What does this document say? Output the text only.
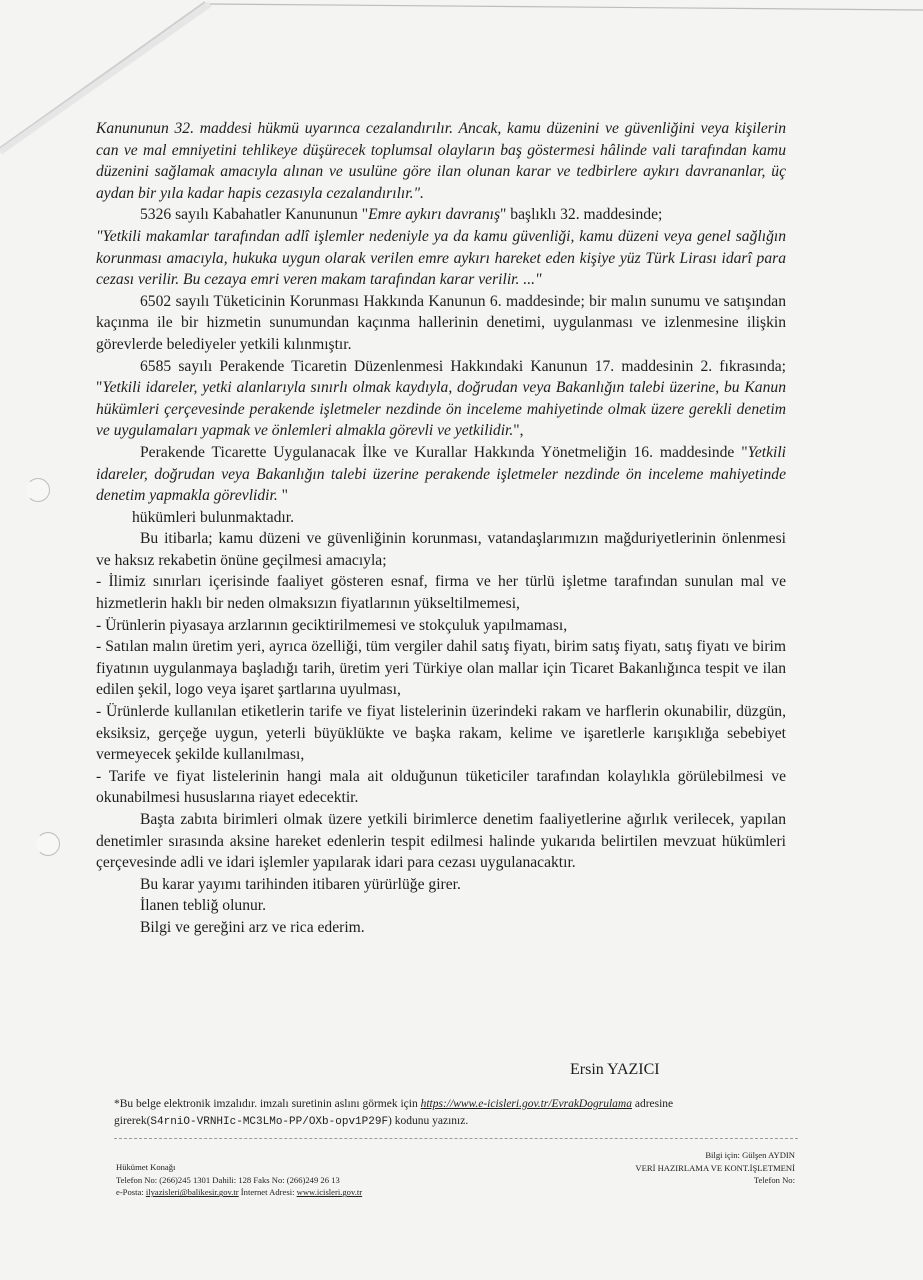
Kanununun 32. maddesi hükmü uyarınca cezalandırılır. Ancak, kamu düzenini ve güvenliğini veya kişilerin can ve mal emniyetini tehlikeye düşürecek toplumsal olayların baş göstermesi hâlinde vali tarafından kamu düzenini sağlamak amacıyla alınan ve usulüne göre ilan olunan karar ve tedbirlere aykırı davrananlar, üç aydan bir yıla kadar hapis cezasıyla cezalandırılır.".

5326 sayılı Kabahatler Kanununun "Emre aykırı davranış" başlıklı 32. maddesinde;

"Yetkili makamlar tarafından adlî işlemler nedeniyle ya da kamu güvenliği, kamu düzeni veya genel sağlığın korunması amacıyla, hukuka uygun olarak verilen emre aykırı hareket eden kişiye yüz Türk Lirası idarî para cezası verilir. Bu cezaya emri veren makam tarafından karar verilir. ..."

6502 sayılı Tüketicinin Korunması Hakkında Kanunun 6. maddesinde; bir malın sunumu ve satışından kaçınma ile bir hizmetin sunumundan kaçınma hallerinin denetimi, uygulanması ve izlenmesine ilişkin görevlerde belediyeler yetkili kılınmıştır.

6585 sayılı Perakende Ticaretin Düzenlenmesi Hakkındaki Kanunun 17. maddesinin 2. fıkrasında; "Yetkili idareler, yetki alanlarıyla sınırlı olmak kaydıyla, doğrudan veya Bakanlığın talebi üzerine, bu Kanun hükümleri çerçevesinde perakende işletmeler nezdinde ön inceleme mahiyetinde olmak üzere gerekli denetim ve uygulamaları yapmak ve önlemleri almakla görevli ve yetkilidir.",

Perakende Ticarette Uygulanacak İlke ve Kurallar Hakkında Yönetmeliğin 16. maddesinde "Yetkili idareler, doğrudan veya Bakanlığın talebi üzerine perakende işletmeler nezdinde ön inceleme mahiyetinde denetim yapmakla görevlidir. "

hükümleri bulunmaktadır.

Bu itibarla; kamu düzeni ve güvenliğinin korunması, vatandaşlarımızın mağduriyetlerinin önlenmesi ve haksız rekabetin önüne geçilmesi amacıyla;

- İlimiz sınırları içerisinde faaliyet gösteren esnaf, firma ve her türlü işletme tarafından sunulan mal ve hizmetlerin haklı bir neden olmaksızın fiyatlarının yükseltilmemesi,

- Ürünlerin piyasaya arzlarının geciktirilmemesi ve stokçuluk yapılmaması,

- Satılan malın üretim yeri, ayrıca özelliği, tüm vergiler dahil satış fiyatı, birim satış fiyatı, satış fiyatı ve birim fiyatının uygulanmaya başladığı tarih, üretim yeri Türkiye olan mallar için Ticaret Bakanlığınca tespit ve ilan edilen şekil, logo veya işaret şartlarına uyulması,

- Ürünlerde kullanılan etiketlerin tarife ve fiyat listelerinin üzerindeki rakam ve harflerin okunabilir, düzgün, eksiksiz, gerçeğe uygun, yeterli büyüklükte ve başka rakam, kelime ve işaretlerle karışıklığa sebebiyet vermeyecek şekilde kullanılması,

- Tarife ve fiyat listelerinin hangi mala ait olduğunun tüketiciler tarafından kolaylıkla görülebilmesi ve okunabilmesi hususlarına riayet edecektir.

Başta zabıta birimleri olmak üzere yetkili birimlerce denetim faaliyetlerine ağırlık verilecek, yapılan denetimler sırasında aksine hareket edenlerin tespit edilmesi halinde yukarıda belirtilen mevzuat hükümleri çerçevesinde adli ve idari işlemler yapılarak idari para cezası uygulanacaktır.

Bu karar yayımı tarihinden itibaren yürürlüğe girer.

İlanen tebliğ olunur.

Bilgi ve gereğini arz ve rica ederim.

Ersin YAZICI
*Bu belge elektronik imzalıdır. imzalı suretinin aslını görmek için https://www.e-icisleri.gov.tr/EvrakDogrulama adresine
girerek(S4rniO-VRNHIc-MC3LMo-PP/OXb-opv1P29F) kodunu yazınız.
Hükümet Konağı
Telefon No: (266)245 1301 Dahili: 128 Faks No: (266)249 26 13
e-Posta: ilyazisleri@balikesir.gov.tr İnternet Adresi: www.icisleri.gov.tr
Bilgi için: Gülşen AYDIN
VERİ HAZIRLAMA VE KONT.İŞLETMENİ
Telefon No:
